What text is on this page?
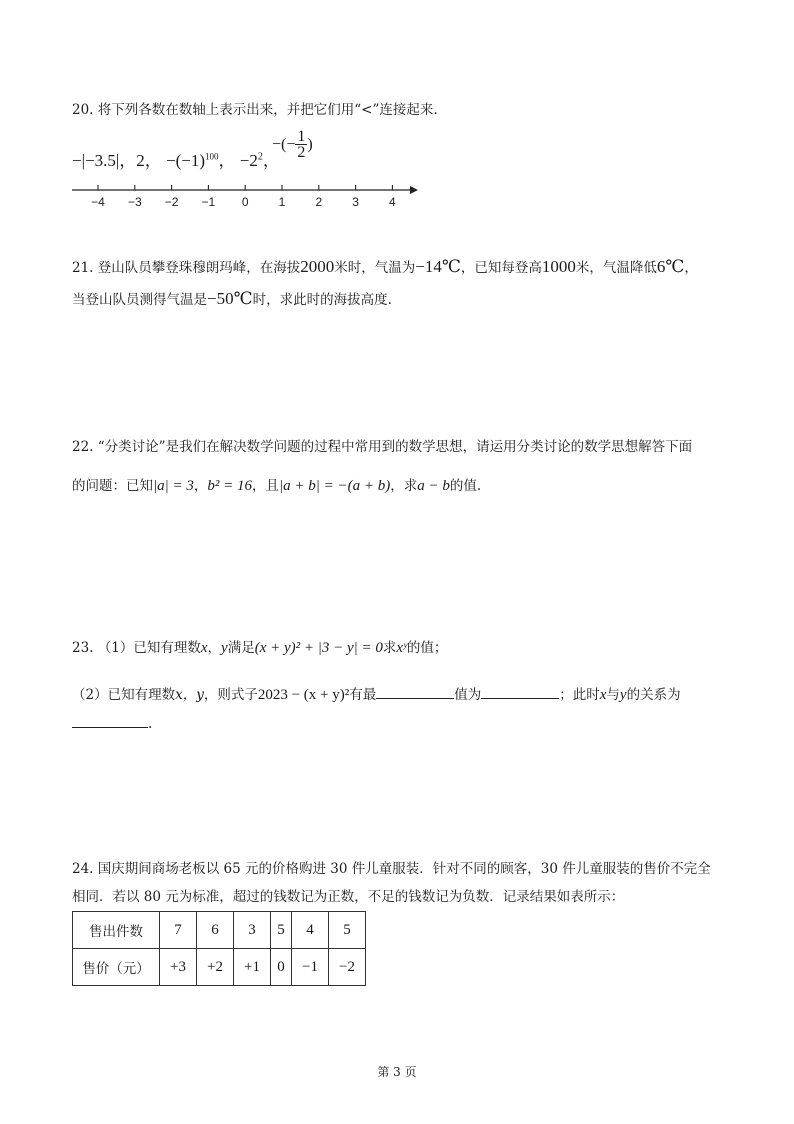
20. 将下列各数在数轴上表示出来，并把它们用“<”连接起来.
−|−3.5|，2， $-(-1)^{100}$， $-2^2$，
−(− $\frac{1}{2}$ )
−4 −3 −2 −1 0	1	2	3	4
21. 登山队员攀登珠穆朗玛峰，在海拔2000米时，气温为−14℃，已知每登高1000米，气温降低6℃，
当登山队员测得气温是−50℃时，求此时的海拔高度.
22. “分类讨论”是我们在解决数学问题的过程中常用到的数学思想，请运用分类讨论的数学思想解答下面
的问题：已知|a| = 3，b² = 16，且|a + b| = −(a + b)，求a − b的值.
23. （1）已知有理数x，y满足(x + y)² + |3 − y| = 0求xʸ的值；
（2）已知有理数x，y，则式子2023 − (x + y)²有最	值为	；此时x与y的关系为
.
24. 国庆期间商场老板以 65 元的价格购进 30 件儿童服装．针对不同的顾客，30 件儿童服装的售价不完全
相同．若以 80 元为标准，超过的钱数记为正数，不足的钱数记为负数．记录结果如表所示：
售出件数	7	6	3	5	4	5
售价（元）	+3	+2	+1	0	−1	−2
第 3 页
